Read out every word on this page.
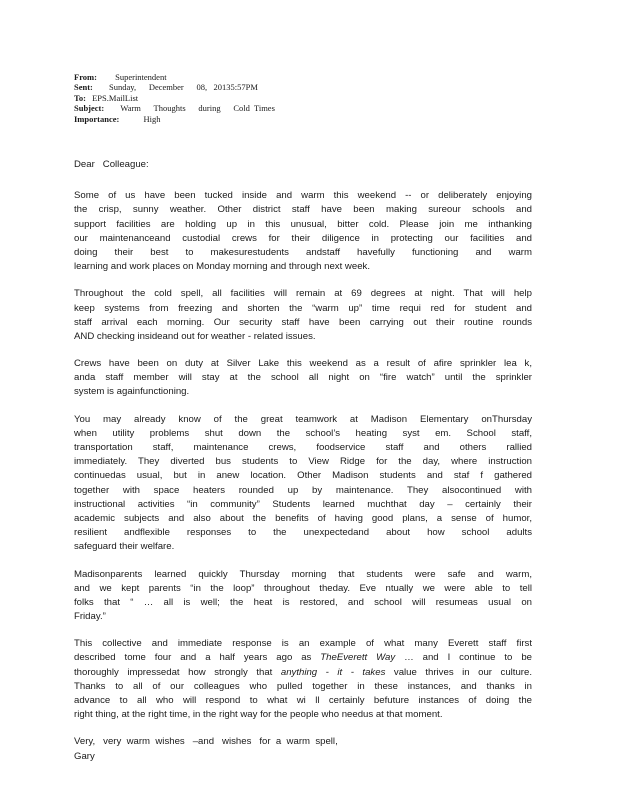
From: Superintendent
Sent: Sunday,      December      08,   20135:57PM
To: EPS.MailList
Subject: Warm      Thoughts      during      Cold  Times
Importance:	High
Dear   Colleague:
Some of us have been tucked inside and warm this weekend -- or deliberately enjoying
the crisp, sunny weather. Other district staff have been making sureour schools and
support facilities are holding up in this unusual, bitter cold. Please join me inthanking
our maintenanceand custodial crews for their diligence in protecting our facilities and
doing their best to makesurestudents andstaff havefully functioning and warm
learning and work places on Monday morning and through next week.
Throughout the cold spell, all facilities will remain at 69 degrees at night. That will help
keep systems from freezing and shorten the “warm up” time requi red for student and
staff arrival each morning. Our security staff have been carrying out their routine rounds
AND checking insideand out for weather - related issues.
Crews have been on duty at Silver Lake this weekend as a result of afire sprinkler lea k,
anda staff member will stay at the school all night on “fire watch” until the sprinkler
system is againfunctioning.
You may already know of the great teamwork at Madison Elementary onThursday
when utility problems shut down the school’s heating syst em. School staff,
transportation staff, maintenance crews, foodservice staff and others rallied
immediately. They diverted bus students to View Ridge for the day, where instruction
continuedas usual, but in anew location. Other Madison students and staf f gathered
together with space heaters rounded up by maintenance. They alsocontinued with
instructional activities “in community” Students learned muchthat day – certainly their
academic subjects and also about the benefits of having good plans, a sense of humor,
resilient andflexible responses to the unexpectedand about how school adults
safeguard their welfare.
Madisonparents learned quickly Thursday morning that students were safe and warm,
and we kept parents “in the loop” throughout theday. Eve ntually we were able to tell
folks that “ … all is well; the heat is restored, and school will resumeas usual on
Friday.”
This collective and immediate response is an example of what many Everett staff first
described tome four and a half years ago as TheEverett Way … and I continue to be
thoroughly impressedat how strongly that anything - it - takes value thrives in our culture.
Thanks to all of our colleagues who pulled together in these instances, and thanks in
advance to all who will respond to what wi ll certainly befuture instances of doing the
right thing, at the right time, in the right way for the people who needus at that moment.
Very,   very  warm  wishes   –and   wishes   for  a  warm  spell,
Gary
